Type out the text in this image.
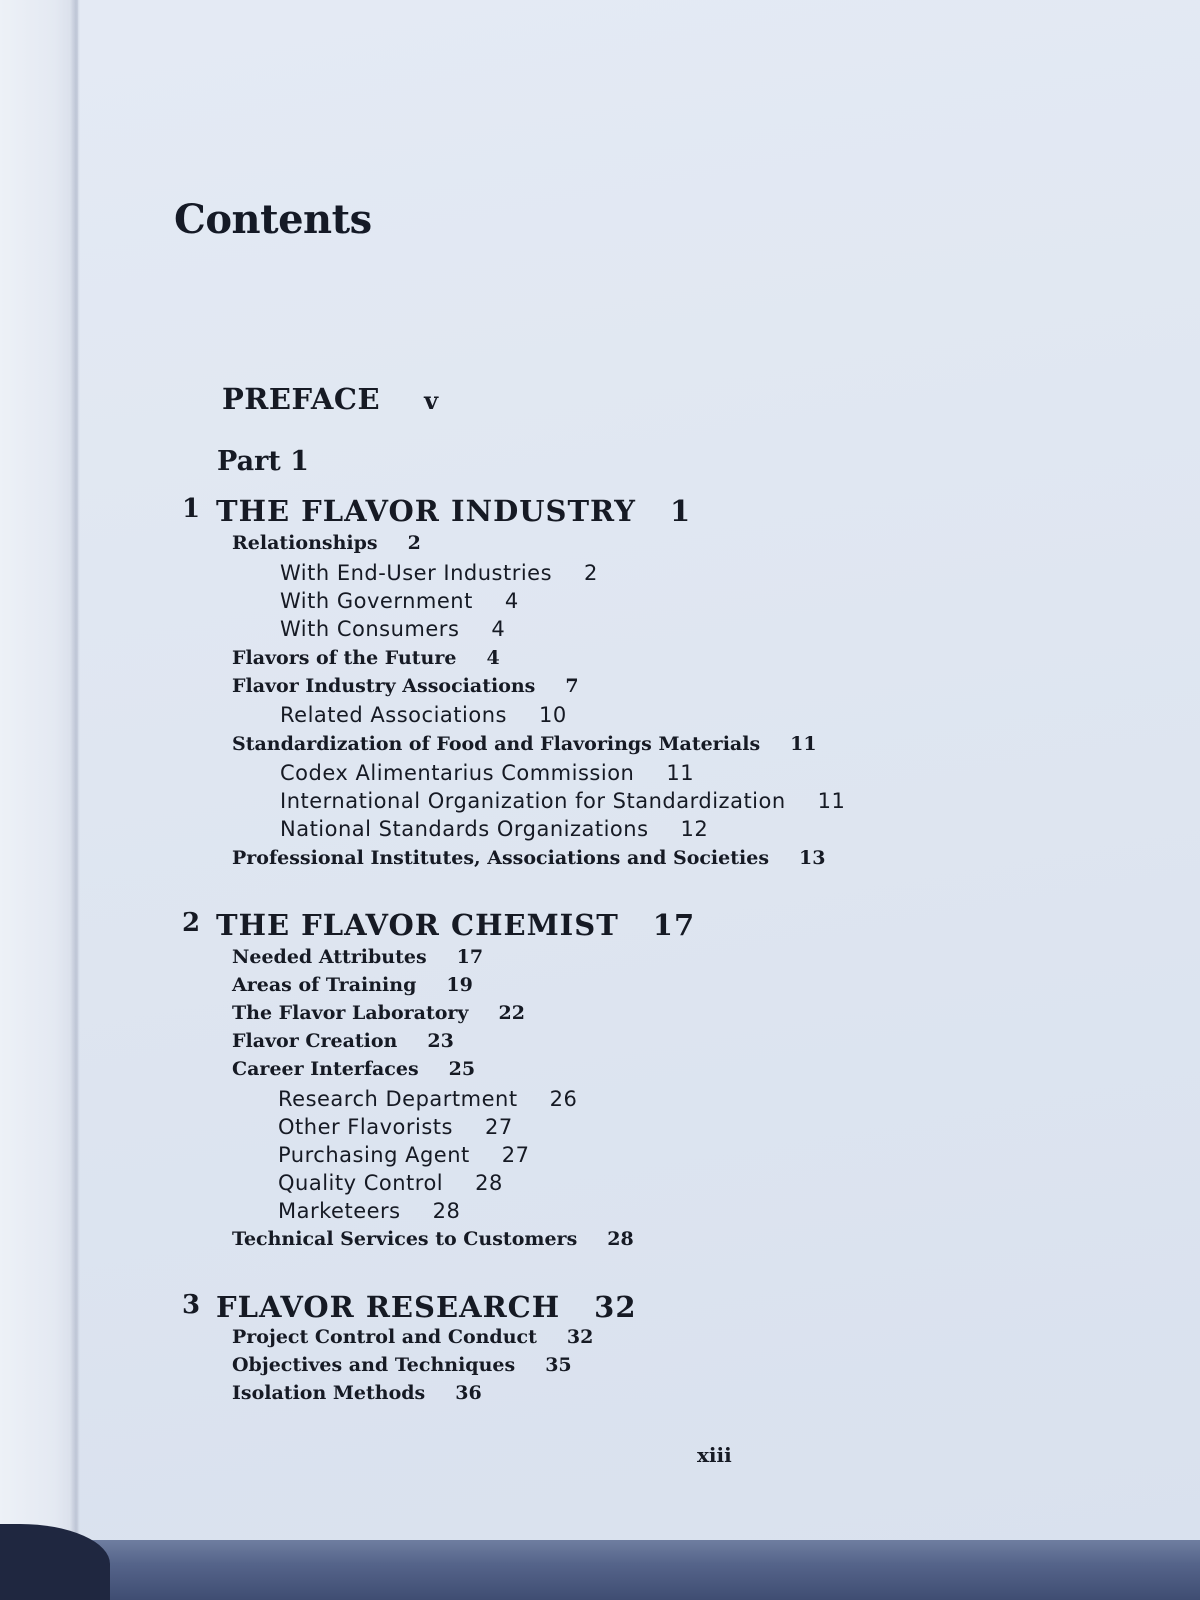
Contents
PREFACE v
Part 1
1 THE FLAVOR INDUSTRY 1
Relationships 2
With End-User Industries 2
With Government 4
With Consumers 4
Flavors of the Future 4
Flavor Industry Associations 7
Related Associations 10
Standardization of Food and Flavorings Materials 11
Codex Alimentarius Commission 11
International Organization for Standardization 11
National Standards Organizations 12
Professional Institutes, Associations and Societies 13
2 THE FLAVOR CHEMIST 17
Needed Attributes 17
Areas of Training 19
The Flavor Laboratory 22
Flavor Creation 23
Career Interfaces 25
Research Department 26
Other Flavorists 27
Purchasing Agent 27
Quality Control 28
Marketeers 28
Technical Services to Customers 28
3 FLAVOR RESEARCH 32
Project Control and Conduct 32
Objectives and Techniques 35
Isolation Methods 36
xiii
